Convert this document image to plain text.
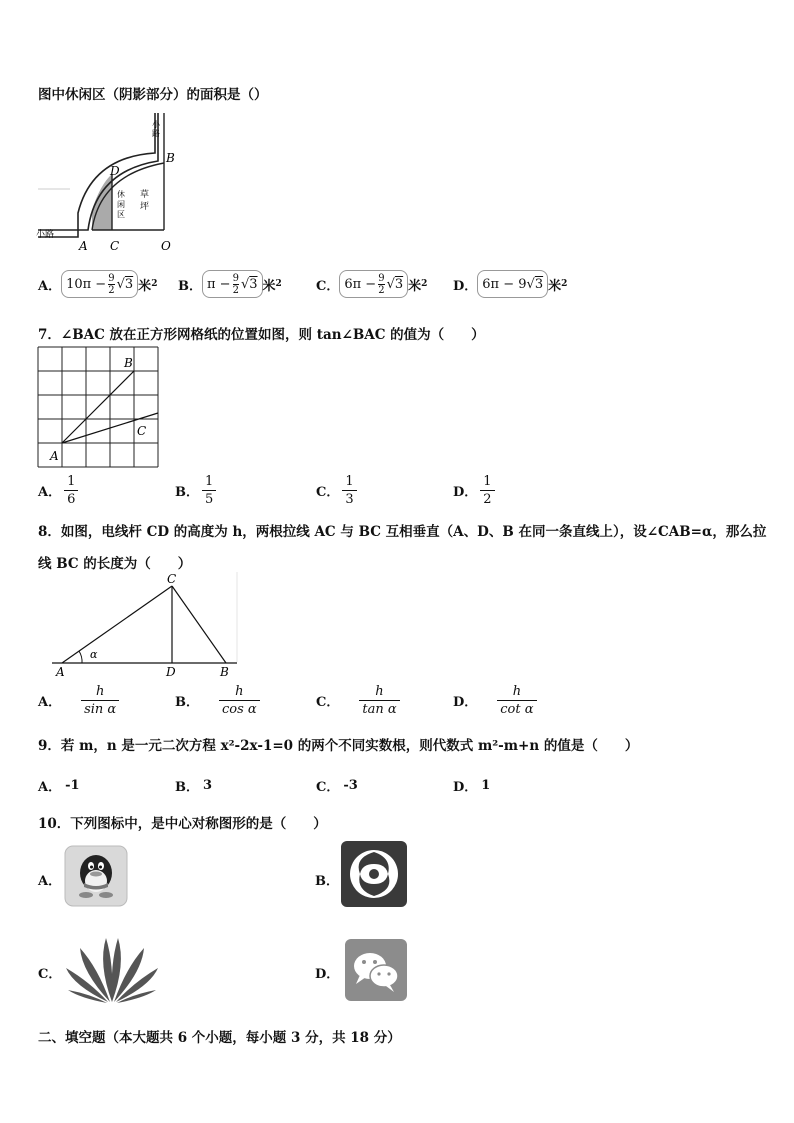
图中休闲区（阴影部分）的面积是（）
小路
小路
休闲区
草坪
D
B
A C	O
A． $10\pi - \frac{9}{2}$ √ 3 米 2 B． $\pi - \frac{9}{2}$ √ 3 米 2	C． $6\pi - \frac{9}{2}$ √ 3 米 2 D． 6π − 9 √ 3 米 2
7．∠BAC 放在正方形网格纸的位置如图，则 tan∠BAC 的值为（　　）
A
B
C
A． $\frac{1}{6}$	B． $\frac{1}{5}$	C． $\frac{1}{3}$	D． $\frac{1}{2}$
8．如图，电线杆 CD 的高度为 h，两根拉线 AC 与 BC 互相垂直（A、D、B 在同一条直线上），设∠CAB=α，那么拉
线 BC 的长度为（　　）
C
A	D	B
α
A． $\frac{h}{\text{sin α}}$	B． $\frac{h}{\text{cos α}}$	C． $\frac{h}{\text{tan α}}$	D． $\frac{h}{\text{cot α}}$
9．若 m，n 是一元二次方程 x²-2x-1=0 的两个不同实数根，则代数式 m²-m+n 的值是（　　）
A． -1	B． 3	C． -3	D． 1
10．下列图标中，是中心对称图形的是（　　）
A．	B．
C．	D．
二、填空题（本大题共 6 个小题，每小题 3 分，共 18 分）
